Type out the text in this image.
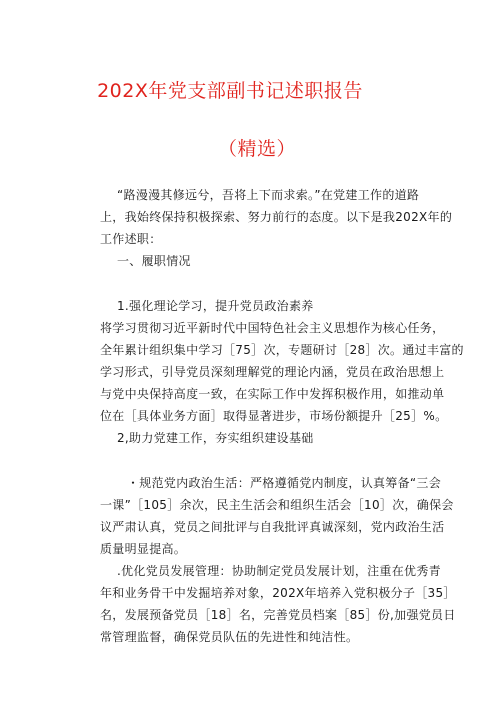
202X年党支部副书记述职报告
（精选）

“路漫漫其修远兮，吾将上下而求索。”在党建工作的道路

上，我始终保持积极探索、努力前行的态度。以下是我202X年的

工作述职：

一、履职情况

1.强化理论学习，提升党员政治素养

将学习贯彻习近平新时代中国特色社会主义思想作为核心任务，

全年累计组织集中学习［75］次，专题研讨［28］次。通过丰富的

学习形式，引导党员深刻理解党的理论内涵，党员在政治思想上

与党中央保持高度一致，在实际工作中发挥积极作用，如推动单

位在［具体业务方面］取得显著进步，市场份额提升［25］%。

2,助力党建工作，夯实组织建设基础

・规范党内政治生活：严格遵循党内制度，认真筹备“三会

一课”［105］余次，民主生活会和组织生活会［10］次，确保会

议严肃认真，党员之间批评与自我批评真诚深刻，党内政治生活

质量明显提高。

.优化党员发展管理：协助制定党员发展计划，注重在优秀青

年和业务骨干中发掘培养对象，202X年培养入党积极分子［35］

名，发展预备党员［18］名，完善党员档案［85］份,加强党员日

常管理监督，确保党员队伍的先进性和纯洁性。
